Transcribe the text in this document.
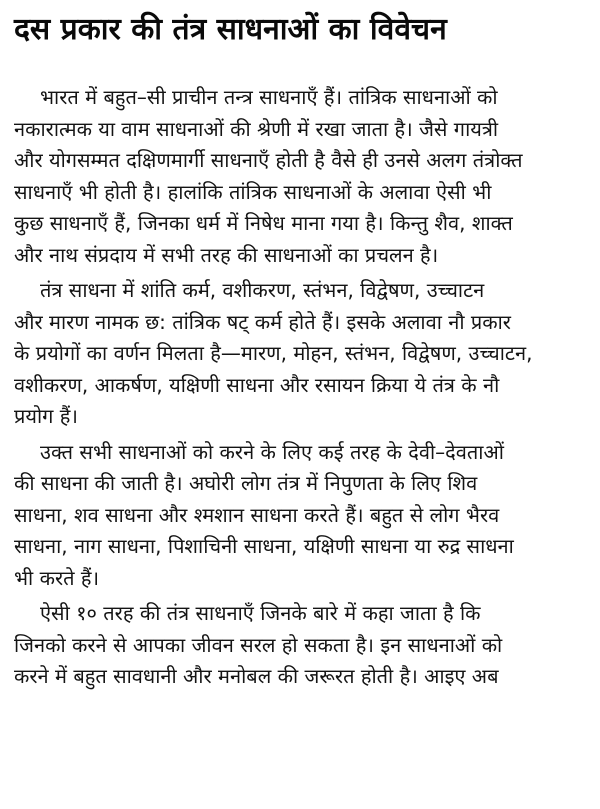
दस प्रकार की तंत्र साधनाओं का विवेचन

भारत में बहुत–सी प्राचीन तन्त्र साधनाएँ हैं। तांत्रिक साधनाओं को
नकारात्मक या वाम साधनाओं की श्रेणी में रखा जाता है। जैसे गायत्री
और योगसम्मत दक्षिणमार्गी साधनाएँ होती है वैसे ही उनसे अलग तंत्रोक्त
साधनाएँ भी होती है। हालांकि तांत्रिक साधनाओं के अलावा ऐसी भी
कुछ साधनाएँ हैं, जिनका धर्म में निषेध माना गया है। किन्तु शैव, शाक्त
और नाथ संप्रदाय में सभी तरह की साधनाओं का प्रचलन है।

तंत्र साधना में शांति कर्म, वशीकरण, स्तंभन, विद्वेषण, उच्चाटन
और मारण नामक छ: तांत्रिक षट् कर्म होते हैं। इसके अलावा नौ प्रकार
के प्रयोगों का वर्णन मिलता है—मारण, मोहन, स्तंभन, विद्वेषण, उच्चाटन,
वशीकरण, आकर्षण, यक्षिणी साधना और रसायन क्रिया ये तंत्र के नौ
प्रयोग हैं।

उक्त सभी साधनाओं को करने के लिए कई तरह के देवी–देवताओं
की साधना की जाती है। अघोरी लोग तंत्र में निपुणता के लिए शिव
साधना, शव साधना और श्मशान साधना करते हैं। बहुत से लोग भैरव
साधना, नाग साधना, पिशाचिनी साधना, यक्षिणी साधना या रुद्र साधना
भी करते हैं।

ऐसी १० तरह की तंत्र साधनाएँ जिनके बारे में कहा जाता है कि
जिनको करने से आपका जीवन सरल हो सकता है। इन साधनाओं को
करने में बहुत सावधानी और मनोबल की जरूरत होती है। आइए अब
